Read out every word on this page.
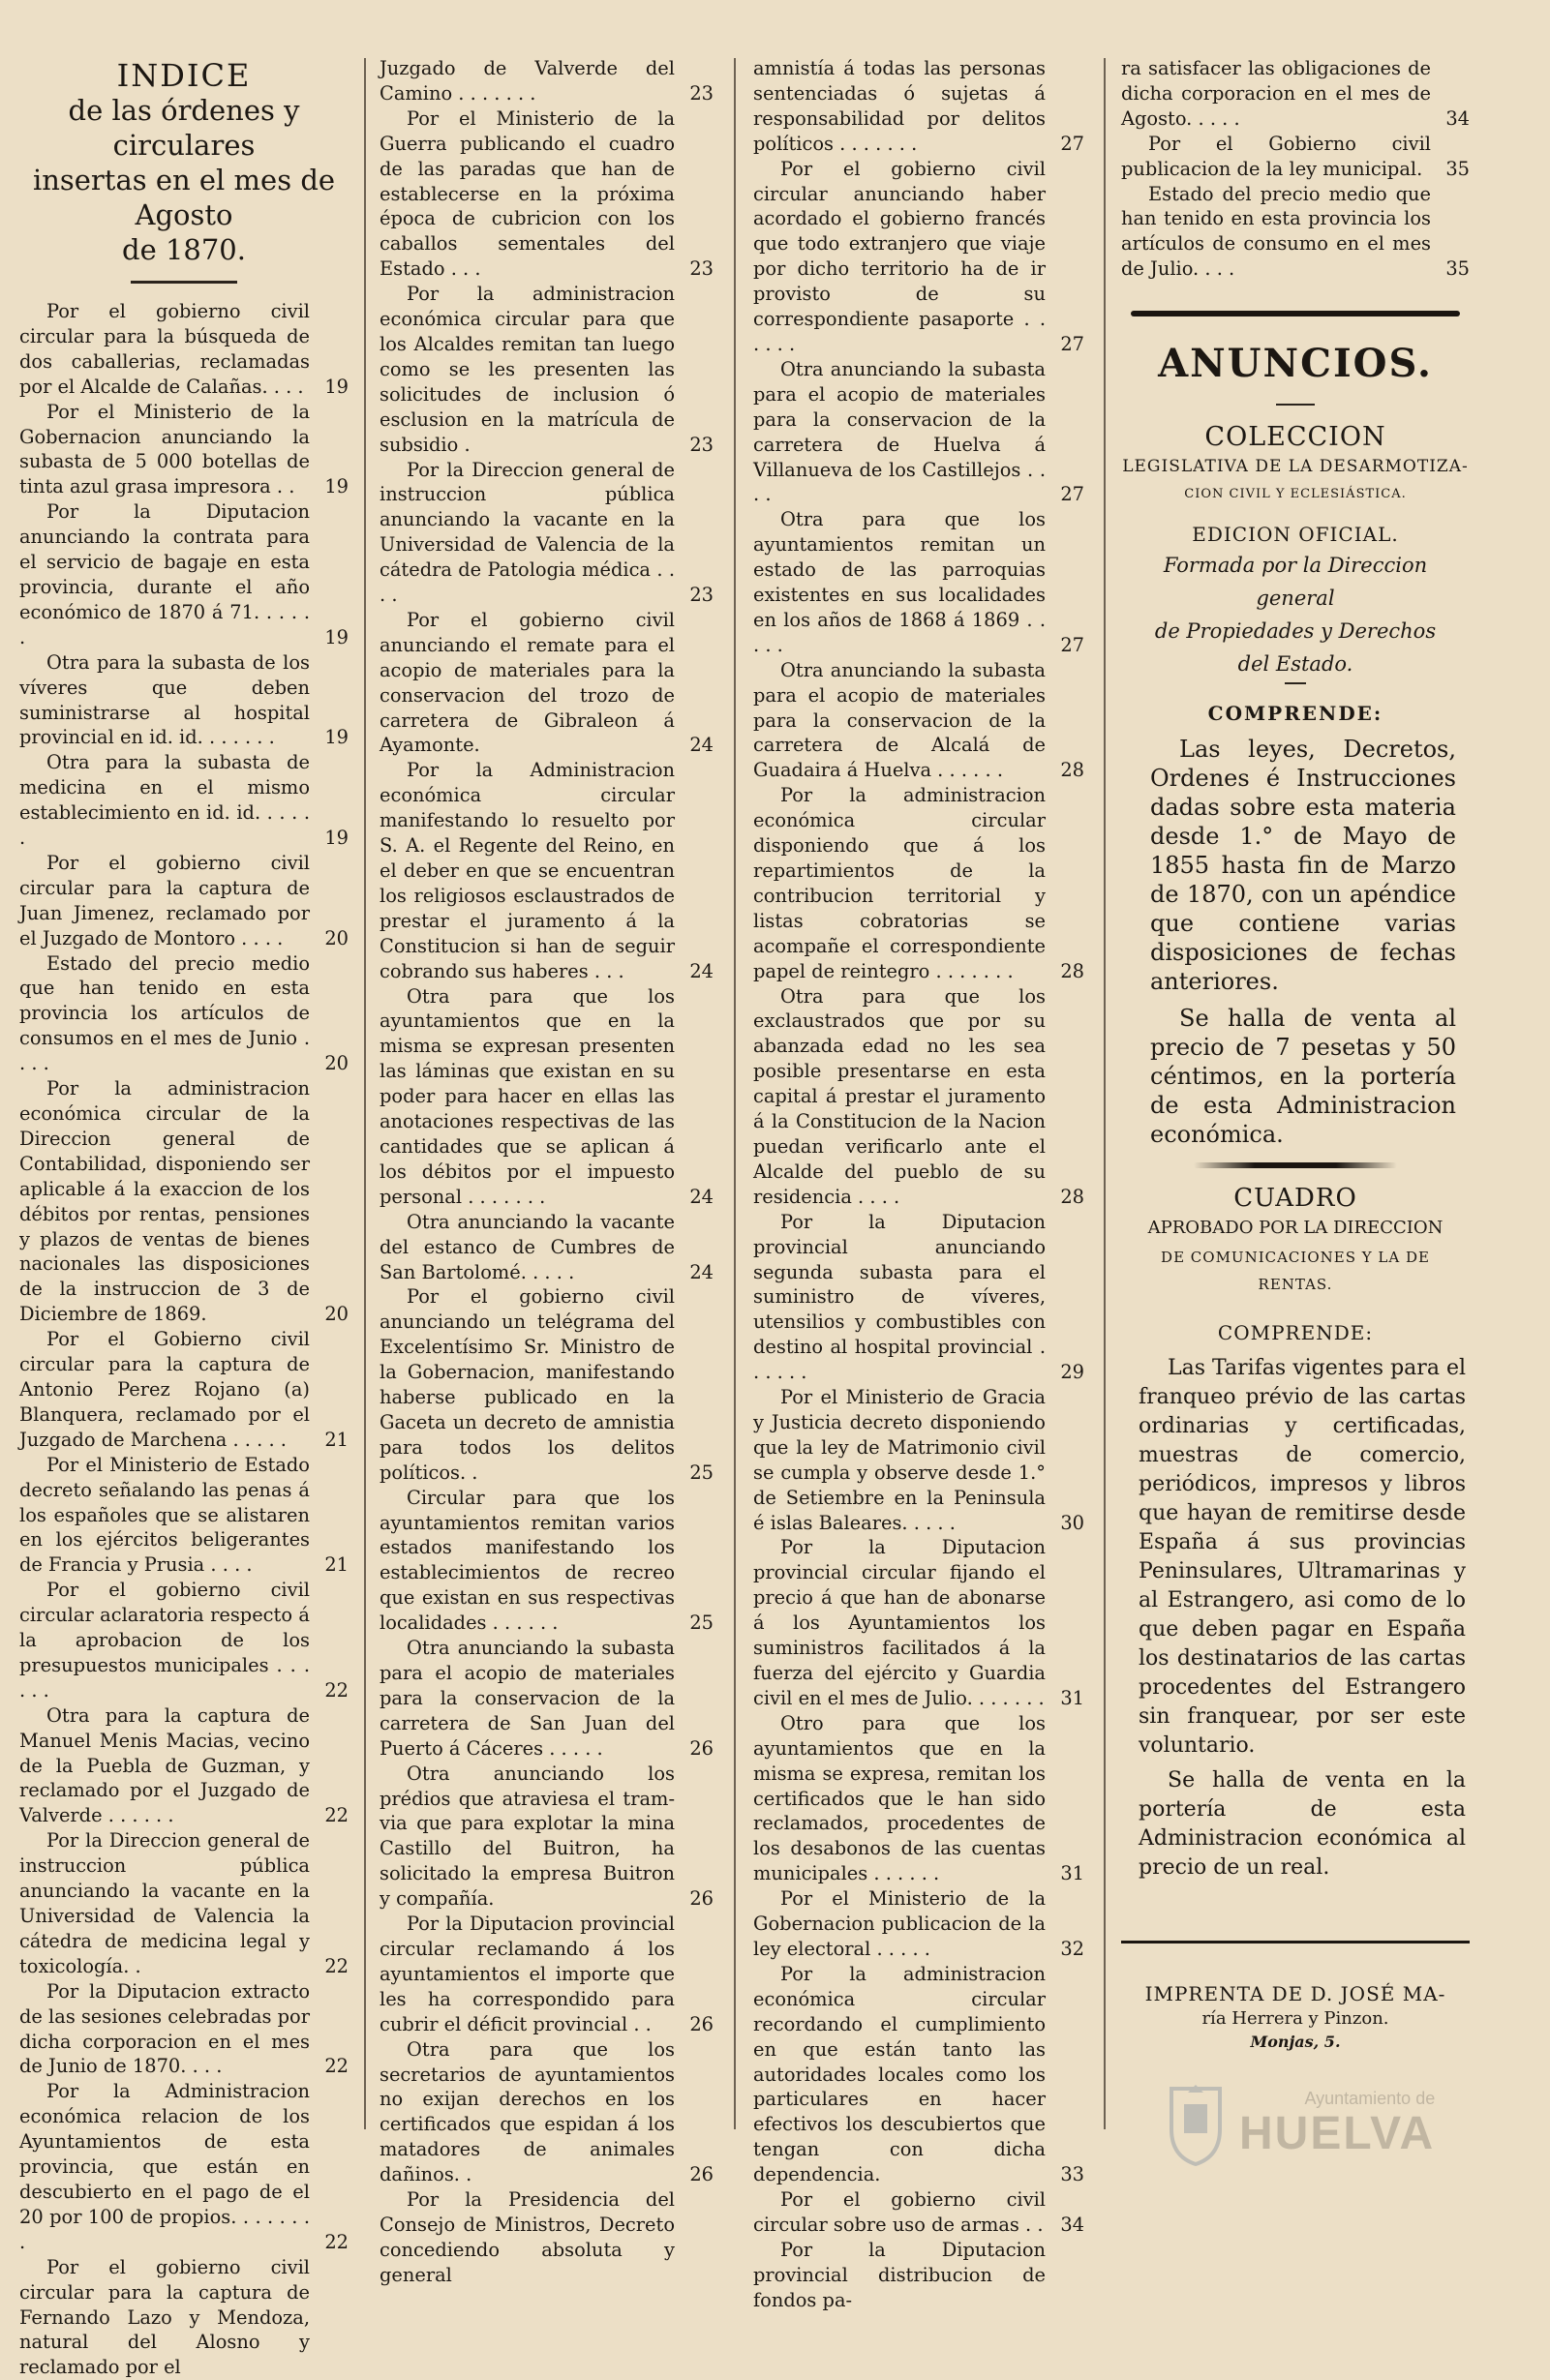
INDICE
de las órdenes y circulares
insertas en el mes de Agosto
de 1870.
Por el gobierno civil circular para la búsqueda de dos caballerias, reclamadas por el Alcalde de Calañas. . . .	19
Por el Ministerio de la Gobernacion anunciando la subasta de 5 000 botellas de tinta azul grasa impresora . .	19
Por la Diputacion anunciando la contrata para el servicio de bagaje en esta provincia, durante el año económico de 1870 á 71. . . . . .	19
Otra para la subasta de los víveres que deben suministrarse al hospital provincial en id. id. . . . . . .	19
Otra para la subasta de medicina en el mismo establecimiento en id. id. . . . . .	19
Por el gobierno civil circular para la captura de Juan Jimenez, reclamado por el Juzgado de Montoro . . . .	20
Estado del precio medio que han tenido en esta provincia los artículos de consumos en el mes de Junio . . . .	20
Por la administracion económica circular de la Direccion general de Contabilidad, disponiendo ser aplicable á la exaccion de los débitos por rentas, pensiones y plazos de ventas de bienes nacionales las disposiciones de la instruccion de 3 de Diciembre de 1869.	20
Por el Gobierno civil circular para la captura de Antonio Perez Rojano (a) Blanquera, reclamado por el Juzgado de Marchena . . . . .	21
Por el Ministerio de Estado decreto señalando las penas á los españoles que se alistaren en los ejércitos beligerantes de Francia y Prusia . . . .	21
Por el gobierno civil circular aclaratoria respecto á la aprobacion de los presupuestos municipales . . . . . .	22
Otra para la captura de Manuel Menis Macias, vecino de la Puebla de Guzman, y reclamado por el Juzgado de Valverde . . . . . .	22
Por la Direccion general de instruccion pública anunciando la vacante en la Universidad de Valencia la cátedra de medicina legal y toxicología. .	22
Por la Diputacion extracto de las sesiones celebradas por dicha corporacion en el mes de Junio de 1870. . . .	22
Por la Administracion económica relacion de los Ayuntamientos de esta provincia, que están en descubierto en el pago de el 20 por 100 de propios. . . . . . . .	22
Por el gobierno civil circular para la captura de Fernando Lazo y Mendoza, natural del Alosno y reclamado por el
Juzgado de Valverde del Camino . . . . . . .	23
Por el Ministerio de la Guerra publicando el cuadro de las paradas que han de establecerse en la próxima época de cubricion con los caballos sementales del Estado . . .	23
Por la administracion económica circular para que los Alcaldes remitan tan luego como se les presenten las solicitudes de inclusion ó esclusion en la matrícula de subsidio .	23
Por la Direccion general de instruccion pública anunciando la vacante en la Universidad de Valencia de la cátedra de Patologia médica . . . .	23
Por el gobierno civil anunciando el remate para el acopio de materiales para la conservacion del trozo de carretera de Gibraleon á Ayamonte.	24
Por la Administracion económica circular manifestando lo resuelto por S. A. el Regente del Reino, en el deber en que se encuentran los religiosos esclaustrados de prestar el juramento á la Constitucion si han de seguir cobrando sus haberes . . .	24
Otra para que los ayuntamientos que en la misma se expresan presenten las láminas que existan en su poder para hacer en ellas las anotaciones respectivas de las cantidades que se aplican á los débitos por el impuesto personal . . . . . . .	24
Otra anunciando la vacante del estanco de Cumbres de San Bartolomé. . . . .	24
Por el gobierno civil anunciando un telégrama del Excelentísimo Sr. Ministro de la Gobernacion, manifestando haberse publicado en la Gaceta un decreto de amnistia para todos los delitos políticos. .	25
Circular para que los ayuntamientos remitan varios estados manifestando los establecimientos de recreo que existan en sus respectivas localidades . . . . . .	25
Otra anunciando la subasta para el acopio de materiales para la conservacion de la carretera de San Juan del Puerto á Cáceres . . . . .	26
Otra anunciando los prédios que atraviesa el tram-via que para explotar la mina Castillo del Buitron, ha solicitado la empresa Buitron y compañía.	26
Por la Diputacion provincial circular reclamando á los ayuntamientos el importe que les ha correspondido para cubrir el déficit provincial . .	26
Otra para que los secretarios de ayuntamientos no exijan derechos en los certificados que espidan á los matadores de animales dañinos. .	26
Por la Presidencia del Consejo de Ministros, Decreto concediendo absoluta y general
amnistía á todas las personas sentenciadas ó sujetas á responsabilidad por delitos políticos . . . . . . .	27
Por el gobierno civil circular anunciando haber acordado el gobierno francés que todo extranjero que viaje por dicho territorio ha de ir provisto de su correspondiente pasaporte . . . . . .	27
Otra anunciando la subasta para el acopio de materiales para la conservacion de la carretera de Huelva á Villanueva de los Castillejos . . . .	27
Otra para que los ayuntamientos remitan un estado de las parroquias existentes en sus localidades en los años de 1868 á 1869 . . . . .	27
Otra anunciando la subasta para el acopio de materiales para la conservacion de la carretera de Alcalá de Guadaira á Huelva . . . . . .	28
Por la administracion económica circular disponiendo que á los repartimientos de la contribucion territorial y listas cobratorias se acompañe el correspondiente papel de reintegro . . . . . . .	28
Otra para que los exclaustrados que por su abanzada edad no les sea posible presentarse en esta capital á prestar el juramento á la Constitucion de la Nacion puedan verificarlo ante el Alcalde del pueblo de su residencia . . . .	28
Por la Diputacion provincial anunciando segunda subasta para el suministro de víveres, utensilios y combustibles con destino al hospital provincial . . . . . .	29
Por el Ministerio de Gracia y Justicia decreto disponiendo que la ley de Matrimonio civil se cumpla y observe desde 1.° de Setiembre en la Peninsula é islas Baleares. . . . .	30
Por la Diputacion provincial circular fijando el precio á que han de abonarse á los Ayuntamientos los suministros facilitados á la fuerza del ejército y Guardia civil en el mes de Julio. . . . . . . 31
Otro para que los ayuntamientos que en la misma se expresa, remitan los certificados que le han sido reclamados, procedentes de los desabonos de las cuentas municipales . . . . . .	31
Por el Ministerio de la Gobernacion publicacion de la ley electoral . . . . .	32
Por la administracion económica circular recordando el cumplimiento en que están tanto las autoridades locales como los particulares en hacer efectivos los descubiertos que tengan con dicha dependencia.	33
Por el gobierno civil circular sobre uso de armas . . 34
Por la Diputacion provincial distribucion de fondos pa-
ra satisfacer las obligaciones de dicha corporacion en el mes de Agosto. . . . .	34
Por el Gobierno civil publicacion de la ley municipal.	35
Estado del precio medio que han tenido en esta provincia los artículos de consumo en el mes de Julio. . . .	35
ANUNCIOS.
COLECCION
LEGISLATIVA DE LA DESARMOTIZA-
CION CIVIL Y ECLESIÁSTICA.
EDICION OFICIAL.
Formada por la Direccion general
de Propiedades y Derechos
del Estado.
COMPRENDE:

Las leyes, Decretos, Ordenes é Instrucciones dadas sobre esta materia desde 1.° de Mayo de 1855 hasta fin de Marzo de 1870, con un apéndice que contiene varias disposiciones de fechas anteriores.

Se halla de venta al precio de 7 pesetas y 50 céntimos, en la portería de esta Administracion económica.

CUADRO
APROBADO POR LA DIRECCION
DE COMUNICACIONES Y LA DE RENTAS.
COMPRENDE:

Las Tarifas vigentes para el franqueo prévio de las cartas ordinarias y certificadas, muestras de comercio, periódicos, impresos y libros que hayan de remitirse desde España á sus provincias Peninsulares, Ultramarinas y al Estrangero, asi como de lo que deben pagar en España los destinatarios de las cartas procedentes del Estrangero sin franquear, por ser este voluntario.

Se halla de venta en la portería de esta Administracion económica al precio de un real.

IMPRENTA DE D. JOSÉ MA-
ría Herrera y Pinzon.
Monjas, 5.
Ayuntamiento de
HUELVA
